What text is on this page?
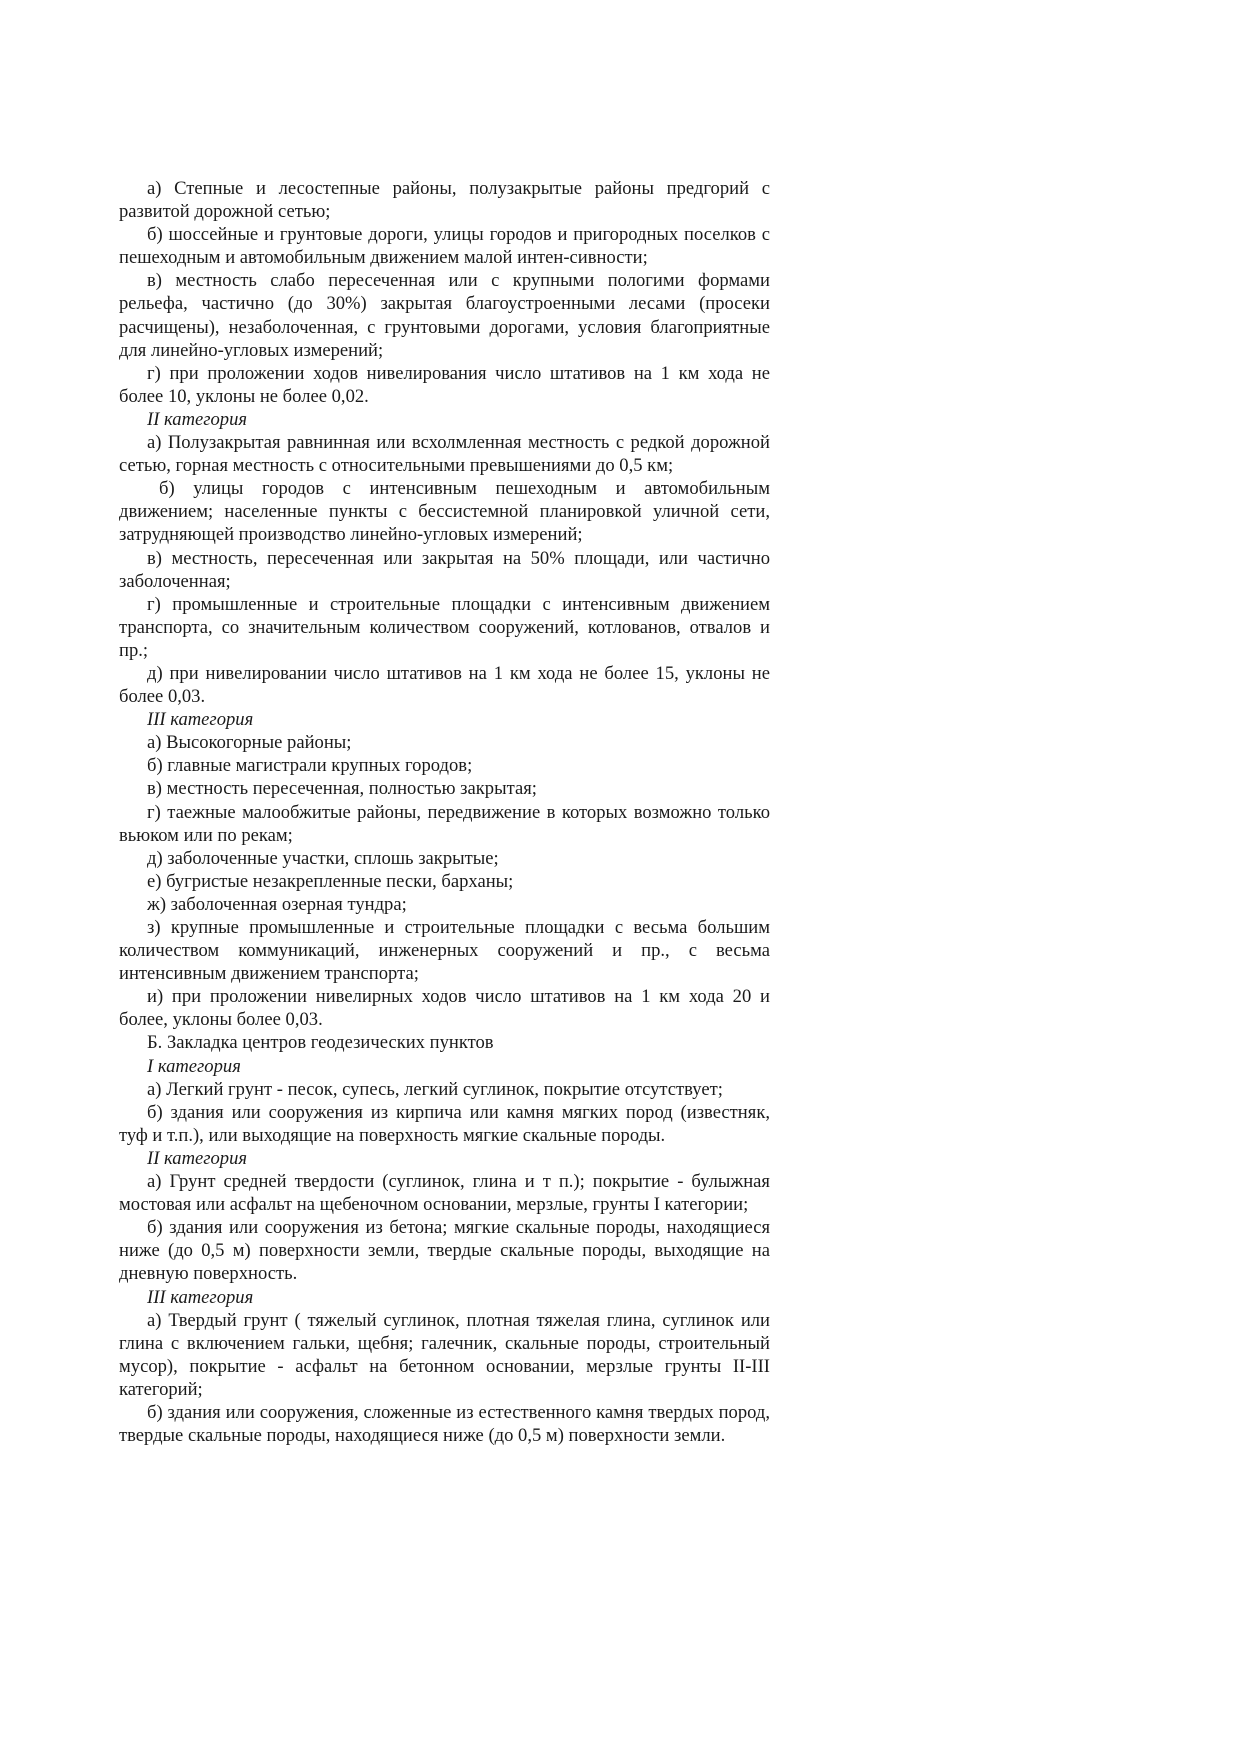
а) Степные и лесостепные районы, полузакрытые районы предгорий с развитой дорожной сетью;

б) шоссейные и грунтовые дороги, улицы городов и пригородных поселков с пешеходным и автомобильным движением малой интен-сивности;

в) местность слабо пересеченная или с крупными пологими формами рельефа, частично (до 30%) закрытая благоустроенными лесами (просеки расчищены), незаболоченная, с грунтовыми дорогами, условия благоприятные для линейно-угловых измерений;

г) при проложении ходов нивелирования число штативов на 1 км хода не более 10, уклоны не более 0,02.

II категория

а) Полузакрытая равнинная или всхолмленная местность с редкой дорожной сетью, горная местность с относительными превышениями до 0,5 км;

б) улицы городов с интенсивным пешеходным и автомобильным движением; населенные пункты с бессистемной планировкой уличной сети, затрудняющей производство линейно-угловых измерений;

в) местность, пересеченная или закрытая на 50% площади, или частично заболоченная;

г) промышленные и строительные площадки с интенсивным движением транспорта, со значительным количеством сооружений, котлованов, отвалов и пр.;

д) при нивелировании число штативов на 1 км хода не более 15, уклоны не более 0,03.

III категория

а) Высокогорные районы;

б) главные магистрали крупных городов;

в) местность пересеченная, полностью закрытая;

г) таежные малообжитые районы, передвижение в которых возможно только вьюком или по рекам;

д) заболоченные участки, сплошь закрытые;

е) бугристые незакрепленные пески, барханы;

ж) заболоченная озерная тундра;

з) крупные промышленные и строительные площадки с весьма большим количеством коммуникаций, инженерных сооружений и пр., с весьма интенсивным движением транспорта;

и) при проложении нивелирных ходов число штативов на 1 км хода 20 и более, уклоны более 0,03.

Б. Закладка центров геодезических пунктов

I категория

а) Легкий грунт - песок, супесь, легкий суглинок, покрытие отсутствует;

б) здания или сооружения из кирпича или камня мягких пород (известняк, туф и т.п.), или выходящие на поверхность мягкие скальные породы.

II категория

а) Грунт средней твердости (суглинок, глина и т п.); покрытие - булыжная мостовая или асфальт на щебеночном основании, мерзлые, грунты I категории;

б) здания или сооружения из бетона; мягкие скальные породы, находящиеся ниже (до 0,5 м) поверхности земли, твердые скальные породы, выходящие на дневную поверхность.

III категория

а) Твердый грунт ( тяжелый суглинок, плотная тяжелая глина, суглинок или глина с включением гальки, щебня; галечник, скальные породы, строительный мусор), покрытие - асфальт на бетонном основании, мерзлые грунты II-III категорий;

б) здания или сооружения, сложенные из естественного камня твердых пород, твердые скальные породы, находящиеся ниже (до 0,5 м) поверхности земли.
